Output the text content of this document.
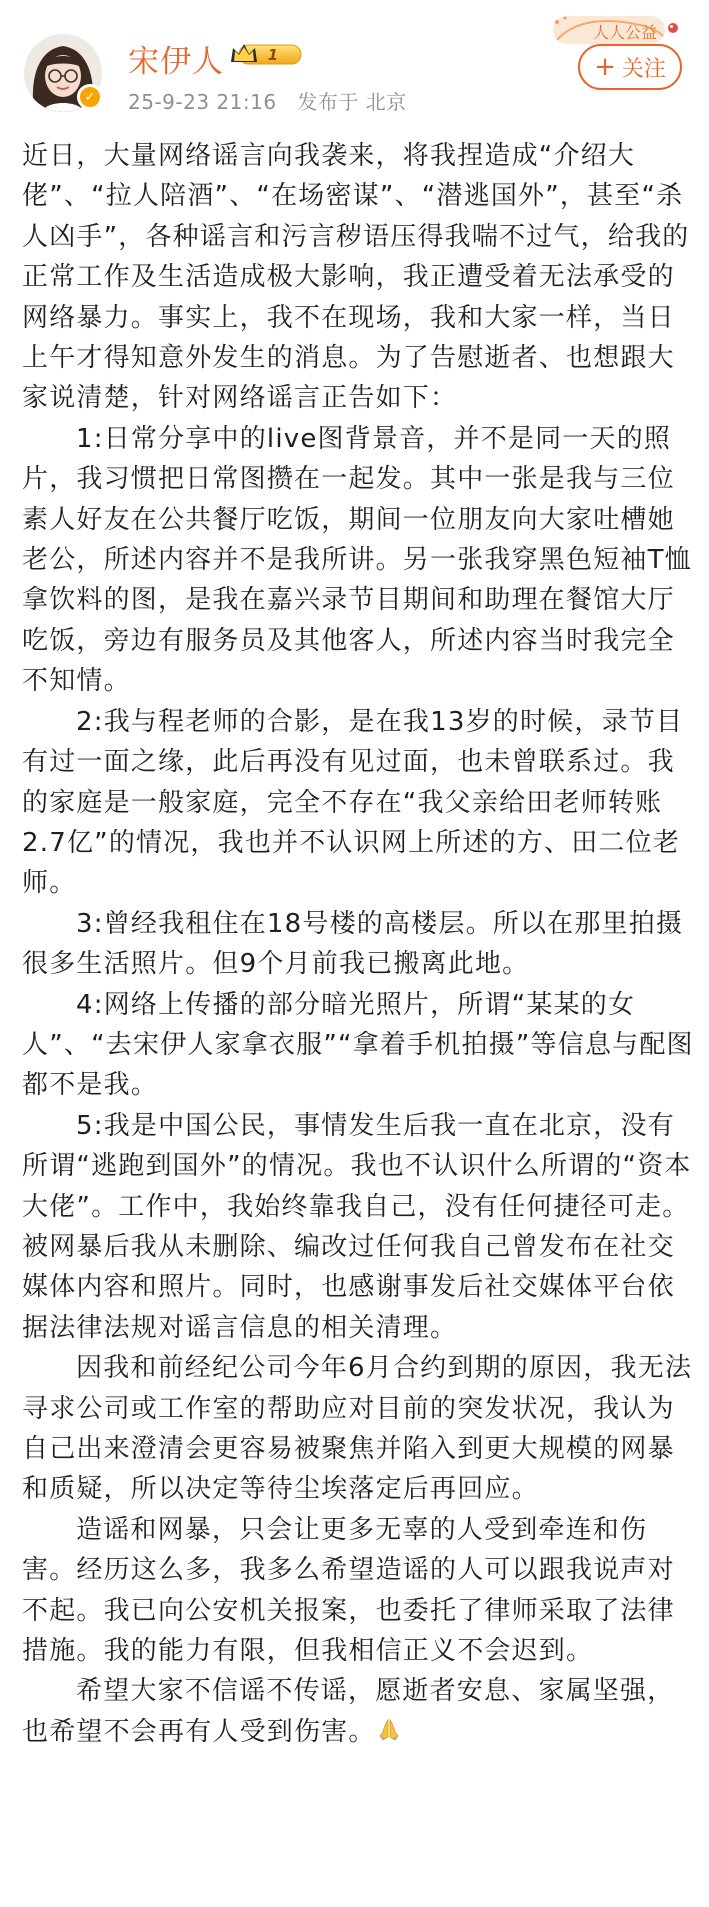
✓
宋伊人	1
25-9-23 21:16 发布于 北京
人人公益
+ 关注

近日，大量网络谣言向我袭来，将我捏造成“介绍大佬”、“拉人陪酒”、“在场密谋”、“潜逃国外”，甚至“杀人凶手”，各种谣言和污言秽语压得我喘不过气，给我的正常工作及生活造成极大影响，我正遭受着无法承受的网络暴力。事实上，我不在现场，我和大家一样，当日上午才得知意外发生的消息。为了告慰逝者、也想跟大家说清楚，针对网络谣言正告如下：

1:日常分享中的live图背景音，并不是同一天的照片，我习惯把日常图攒在一起发。其中一张是我与三位素人好友在公共餐厅吃饭，期间一位朋友向大家吐槽她老公，所述内容并不是我所讲。另一张我穿黑色短袖T恤拿饮料的图，是我在嘉兴录节目期间和助理在餐馆大厅吃饭，旁边有服务员及其他客人，所述内容当时我完全不知情。

2:我与程老师的合影，是在我13岁的时候，录节目有过一面之缘，此后再没有见过面，也未曾联系过。我的家庭是一般家庭，完全不存在“我父亲给田老师转账2.7亿”的情况，我也并不认识网上所述的方、田二位老师。

3:曾经我租住在18号楼的高楼层。所以在那里拍摄很多生活照片。但9个月前我已搬离此地。

4:网络上传播的部分暗光照片，所谓“某某的女人”、“去宋伊人家拿衣服”“拿着手机拍摄”等信息与配图都不是我。

5:我是中国公民，事情发生后我一直在北京，没有所谓“逃跑到国外”的情况。我也不认识什么所谓的“资本大佬”。工作中，我始终靠我自己，没有任何捷径可走。被网暴后我从未删除、编改过任何我自己曾发布在社交媒体内容和照片。同时，也感谢事发后社交媒体平台依据法律法规对谣言信息的相关清理。

因我和前经纪公司今年6月合约到期的原因，我无法寻求公司或工作室的帮助应对目前的突发状况，我认为自己出来澄清会更容易被聚焦并陷入到更大规模的网暴和质疑，所以决定等待尘埃落定后再回应。

造谣和网暴，只会让更多无辜的人受到牵连和伤害。经历这么多，我多么希望造谣的人可以跟我说声对不起。我已向公安机关报案，也委托了律师采取了法律措施。我的能力有限，但我相信正义不会迟到。

希望大家不信谣不传谣，愿逝者安息、家属坚强，也希望不会再有人受到伤害。
